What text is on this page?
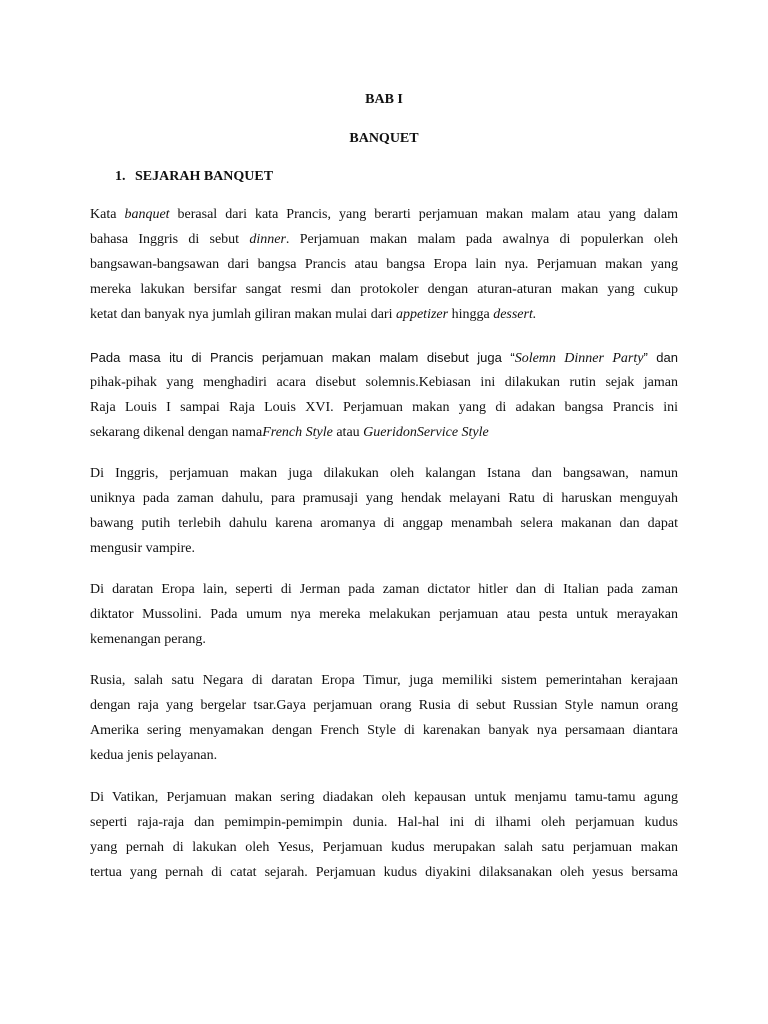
BAB I
BANQUET
1. SEJARAH BANQUET
Kata banquet berasal dari kata Prancis, yang berarti perjamuan makan malam atau yang dalam
bahasa Inggris di sebut dinner. Perjamuan makan malam pada awalnya di populerkan oleh
bangsawan-bangsawan dari bangsa Prancis atau bangsa Eropa lain nya. Perjamuan makan yang
mereka lakukan bersifar sangat resmi dan protokoler dengan aturan-aturan makan yang cukup
ketat dan banyak nya jumlah giliran makan mulai dari appetizer hingga dessert.
Pada masa itu di Prancis perjamuan makan malam disebut juga “Solemn Dinner Party” dan
pihak-pihak yang menghadiri acara disebut solemnis.Kebiasan ini dilakukan rutin sejak jaman
Raja Louis I sampai Raja Louis XVI. Perjamuan makan yang di adakan bangsa Prancis ini
sekarang dikenal dengan namaFrench Style atau GueridonService Style
Di Inggris, perjamuan makan juga dilakukan oleh kalangan Istana dan bangsawan, namun
uniknya pada zaman dahulu, para pramusaji yang hendak melayani Ratu di haruskan menguyah
bawang putih terlebih dahulu karena aromanya di anggap menambah selera makanan dan dapat
mengusir vampire.
Di daratan Eropa lain, seperti di Jerman pada zaman dictator hitler dan di Italian pada zaman
diktator Mussolini. Pada umum nya mereka melakukan perjamuan atau pesta untuk merayakan
kemenangan perang.
Rusia, salah satu Negara di daratan Eropa Timur, juga memiliki sistem pemerintahan kerajaan
dengan raja yang bergelar tsar.Gaya perjamuan orang Rusia di sebut Russian Style namun orang
Amerika sering menyamakan dengan French Style di karenakan banyak nya persamaan diantara
kedua jenis pelayanan.
Di Vatikan, Perjamuan makan sering diadakan oleh kepausan untuk menjamu tamu-tamu agung
seperti raja-raja dan pemimpin-pemimpin dunia. Hal-hal ini di ilhami oleh perjamuan kudus
yang pernah di lakukan oleh Yesus, Perjamuan kudus merupakan salah satu perjamuan makan
tertua yang pernah di catat sejarah. Perjamuan kudus diyakini dilaksanakan oleh yesus bersama
